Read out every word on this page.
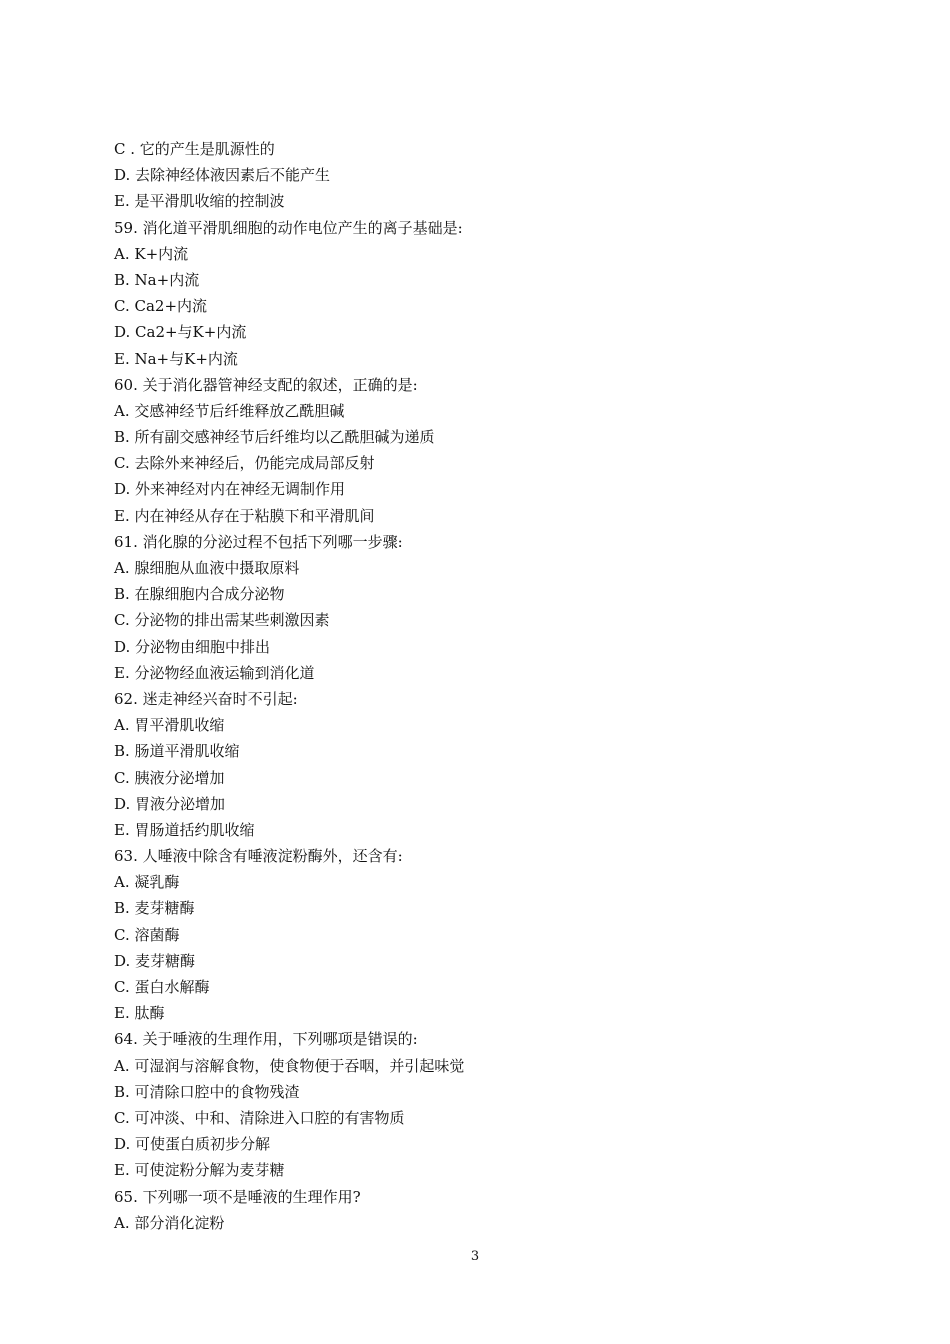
C . 它的产生是肌源性的
D. 去除神经体液因素后不能产生
E. 是平滑肌收缩的控制波
59. 消化道平滑肌细胞的动作电位产生的离子基础是:
A. K+内流
B. Na+内流
C. Ca2+内流
D. Ca2+与K+内流
E. Na+与K+内流
60. 关于消化器管神经支配的叙述，正确的是:
A. 交感神经节后纤维释放乙酰胆碱
B. 所有副交感神经节后纤维均以乙酰胆碱为递质
C. 去除外来神经后，仍能完成局部反射
D. 外来神经对内在神经无调制作用
E. 内在神经从存在于粘膜下和平滑肌间
61. 消化腺的分泌过程不包括下列哪一步骤:
A. 腺细胞从血液中摄取原料
B. 在腺细胞内合成分泌物
C. 分泌物的排出需某些刺激因素
D. 分泌物由细胞中排出
E. 分泌物经血液运输到消化道
62. 迷走神经兴奋时不引起:
A. 胃平滑肌收缩
B. 肠道平滑肌收缩
C. 胰液分泌增加
D. 胃液分泌增加
E. 胃肠道括约肌收缩
63. 人唾液中除含有唾液淀粉酶外，还含有:
A. 凝乳酶
B. 麦芽糖酶
C. 溶菌酶
D. 麦芽糖酶
C. 蛋白水解酶
E. 肽酶
64. 关于唾液的生理作用，下列哪项是错误的:
A. 可湿润与溶解食物，使食物便于吞咽，并引起味觉
B. 可清除口腔中的食物残渣
C. 可冲淡、中和、清除进入口腔的有害物质
D. 可使蛋白质初步分解
E. 可使淀粉分解为麦芽糖
65. 下列哪一项不是唾液的生理作用?
A. 部分消化淀粉
3
